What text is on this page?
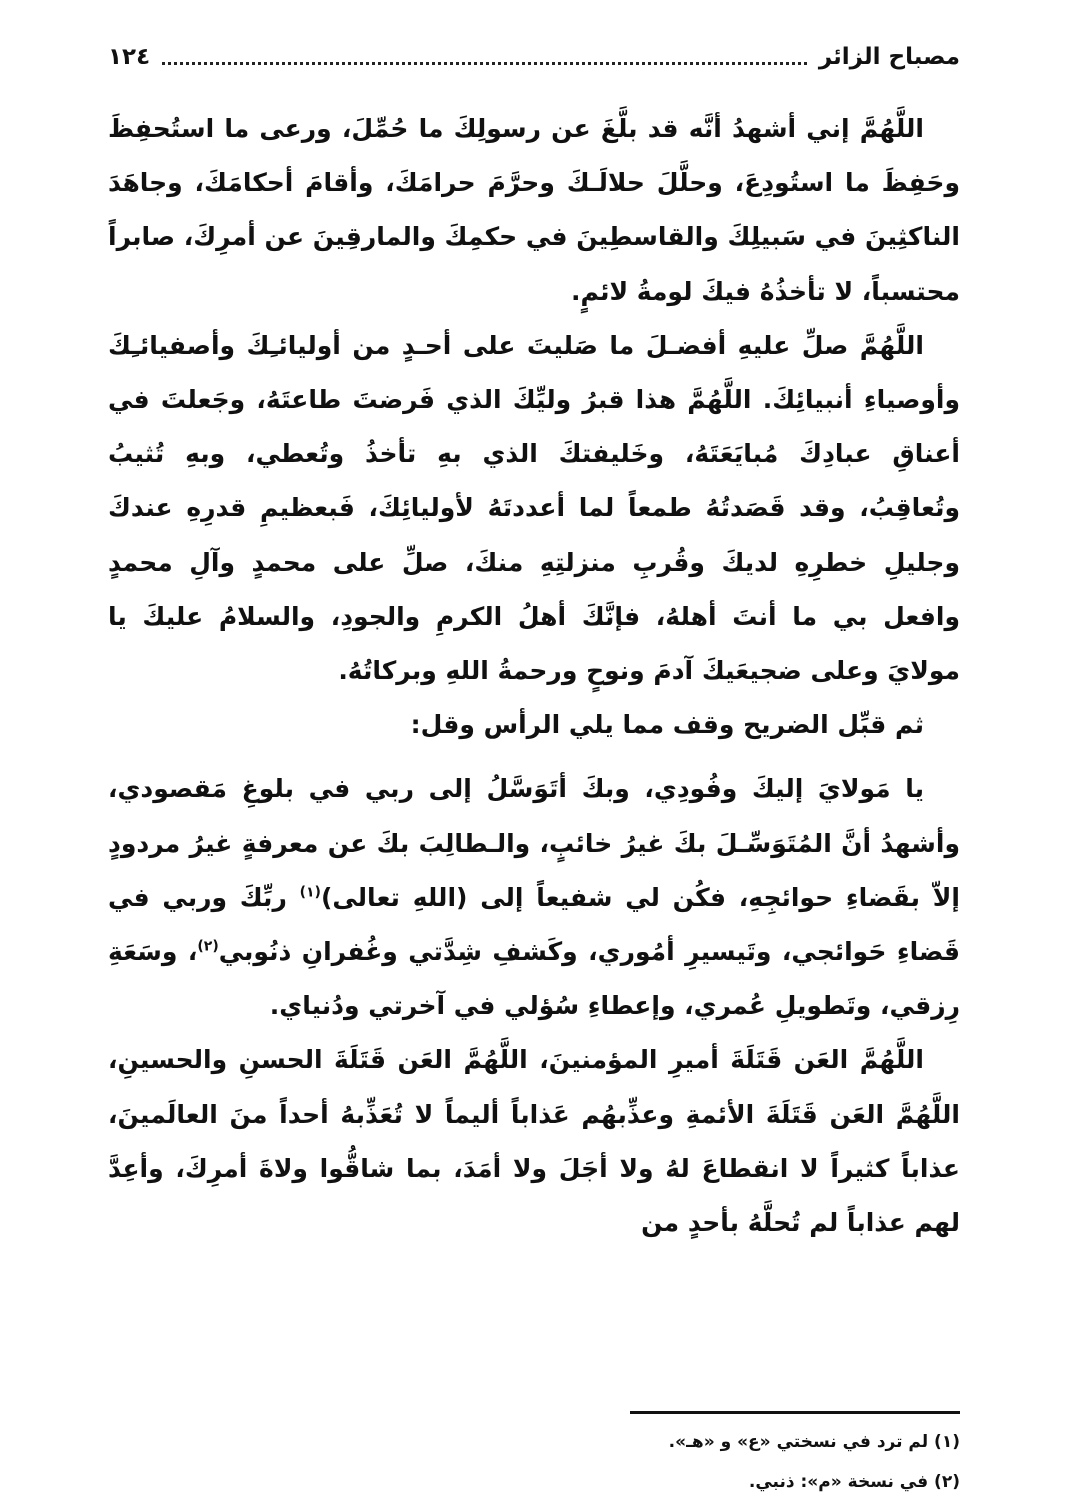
١٢٤	مصباح الزائر

اللَّهُمَّ إني أشهدُ أنَّه قد بلَّغَ عن رسولِكَ ما حُمِّلَ، ورعى ما استُحفِظَ وحَفِظَ ما استُودِعَ، وحلَّلَ حلالَـكَ وحرَّمَ حرامَكَ، وأقامَ أحكامَكَ، وجاهَدَ الناكثِينَ في سَبيلِكَ والقاسطِينَ في حكمِكَ والمارقِينَ عن أمرِكَ، صابراً محتسباً، لا تأخذُهُ فيكَ لومةُ لائمٍ.

اللَّهُمَّ صلِّ عليهِ أفضـلَ ما صَليتَ على أحـدٍ من أوليائـِكَ وأصفيائـِكَ وأوصياءِ أنبيائِكَ. اللَّهُمَّ هذا قبرُ وليِّكَ الذي فَرضتَ طاعتَهُ، وجَعلتَ في أعناقِ عبادِكَ مُبايَعَتَهُ، وخَليفتكَ الذي بهِ تأخذُ وتُعطي، وبهِ تُثيبُ وتُعاقِبُ، وقد قَصَدتُهُ طمعاً لما أعددتَهُ لأوليائِكَ، فَبعظيمِ قدرِهِ عندكَ وجليلِ خطرِهِ لديكَ وقُربِ منزلتِهِ منكَ، صلِّ على محمدٍ وآلِ محمدٍ وافعل بي ما أنتَ أهلهُ، فإنَّكَ أهلُ الكرمِ والجودِ، والسلامُ عليكَ يا مولايَ وعلى ضجيعَيكَ آدمَ ونوحٍ ورحمةُ اللهِ وبركاتُهُ.

ثم قبِّل الضريح وقف مما يلي الرأس وقل:

يا مَولايَ إليكَ وفُودِي، وبكَ أتَوَسَّلُ إلى ربي في بلوغِ مَقصودي، وأشهدُ أنَّ المُتَوَسِّـلَ بكَ غيرُ خائبٍ، والـطالِبَ بكَ عن معرفةٍ غيرُ مردودٍ إلاّ بقَضاءِ حوائجِهِ، فكُن لي شفيعاً إلى (اللهِ تعالى)$^{(١)}$ ربِّكَ وربي في قَضاءِ حَوائجي، وتَيسيرِ أمُوري، وكَشفِ شِدَّتي وغُفرانِ ذنُوبي$^{(٢)}$، وسَعَةِ رِزقي، وتَطويلِ عُمري، وإعطاءِ سُؤلي في آخرتي ودُنياي.

اللَّهُمَّ العَن قَتَلَةَ أميرِ المؤمنينَ، اللَّهُمَّ العَن قَتَلَةَ الحسنِ والحسينِ، اللَّهُمَّ العَن قَتَلَةَ الأئمةِ وعذِّبهُم عَذاباً أليماً لا تُعَذِّبهُ أحداً منَ العالَمينَ، عذاباً كثيراً لا انقطاعَ لهُ ولا أجَلَ ولا أمَدَ، بما شاقُّوا ولاةَ أمرِكَ، وأعِدَّ لهم عذاباً لم تُحلَّهُ بأحدٍ من

(١) لم ترد في نسختي «ع» و «هـ».
(٢) في نسخة «م»: ذنبي.
